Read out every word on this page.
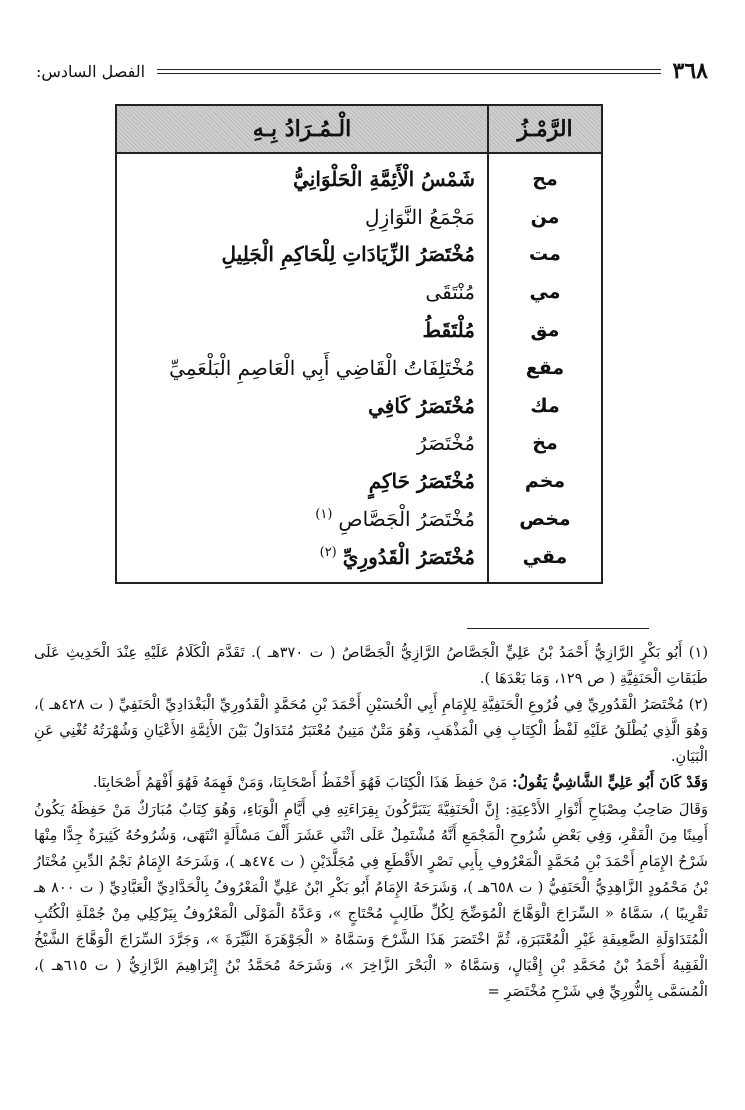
٣٦٨
الفصل السادس:
الرَّمْـزُ	الْـمُـرَادُ بِـهِ
مح	شَمْسُ الْأَئِمَّةِ الْحَلْوَانِيُّ
من	مَجْمَعُ النَّوَازِلِ
مت	مُخْتَصَرُ الزِّيَادَاتِ لِلْحَاكِمِ الْجَلِيلِ
مي	مُنْتَقَى
مق	مُلْتَقَطُ
مقع	مُخْتَلِفَاتُ الْقَاضِي أَبِي الْعَاصِمِ الْبَلْعَمِيِّ
مك	مُخْتَصَرُ كَافِي
مخ	مُخْتَصَرُ
مخم	مُخْتَصَرُ حَاكِمٍ
مخص	مُخْتَصَرُ الْجَصَّاصِ$^{(١)}$
مقي	مُخْتَصَرُ الْقَدُورِيِّ$^{(٢)}$

(١) أَبُو بَكْرٍ الرَّازِيُّ أَحْمَدُ بْنُ عَلِيٍّ الْجَصَّاصُ الرَّازِيُّ الْجَصَّاصُ ( ت ٣٧٠هـ ). تَقَدَّمَ الْكَلَامُ عَلَيْهِ عِنْدَ الْحَدِيثِ عَلَى طَبَقَاتِ الْحَنَفِيَّةِ ( ص ١٢٩، وَمَا بَعْدَهَا ).

(٢) مُخْتَصَرُ الْقَدُورِيِّ فِي فُرُوعِ الْحَنَفِيَّةِ لِلإِمَامِ أَبِي الْحُسَيْنِ أَحْمَدَ بْنِ مُحَمَّدٍ الْقَدُورِيِّ الْبَغْدَادِيِّ الْحَنَفِيِّ ( ت ٤٢٨هـ )، وَهُوَ الَّذِي يُطْلَقُ عَلَيْهِ لَفْظُ الْكِتَابِ فِي الْمَذْهَبِ، وَهُوَ مَتْنٌ مَتِينٌ مُعْتَبَرٌ مُتَدَاوَلٌ بَيْنَ الأَئِمَّةِ الأَعْيَانِ وَشُهْرَتُهُ تُغْنِي عَنِ الْبَيَانِ.

وَقَدْ كَانَ أَبُو عَلِيٍّ الشَّاشِيُّ يَقُولُ: مَنْ حَفِظَ هَذَا الْكِتَابَ فَهُوَ أَحْفَظُ أَصْحَابِنَا، وَمَنْ فَهِمَهُ فَهُوَ أَفْهَمُ أَصْحَابِنَا.

وَقَالَ صَاحِبُ مِصْبَاحِ أَنْوَارِ الأَدْعِيَةِ: إِنَّ الْحَنَفِيَّةَ يَتَبَرَّكُونَ بِقِرَاءَتِهِ فِي أَيَّامِ الْوَبَاءِ، وَهُوَ كِتَابٌ مُبَارَكٌ مَنْ حَفِظَهُ يَكُونُ أَمِينًا مِنَ الْفَقْرِ، وَفِي بَعْضِ شُرُوحِ الْمَجْمَعِ أَنَّهُ مُشْتَمِلٌ عَلَى اثْنَي عَشَرَ أَلْفَ مَسْأَلَةٍ انْتَهَى، وَشُرُوحُهُ كَثِيرَةٌ جِدًّا مِنْهَا شَرْحُ الإِمَامِ أَحْمَدَ بْنِ مُحَمَّدٍ الْمَعْرُوفِ بِأَبِي نَصْرٍ الأَقْطَعِ فِي مُجَلَّدَيْنِ ( ت ٤٧٤هـ )، وَشَرَحَهُ الإِمَامُ نَجْمُ الدِّينِ مُخْتَارُ بْنُ مَحْمُودٍ الزَّاهِدِيُّ الْحَنَفِيُّ ( ت ٦٥٨هـ )، وَشَرَحَهُ الإِمَامُ أَبُو بَكْرِ ابْنُ عَلِيٍّ الْمَعْرُوفُ بِالْحَدَّادِيِّ الْعَبَّادِيِّ ( ت ٨٠٠ هـ تَقْرِيبًا )، سَمَّاهُ « السِّرَاجَ الْوَهَّاجَ الْمُوَضِّحَ لِكُلِّ طَالِبٍ مُحْتَاجٍ »، وَعَدَّهُ الْمَوْلَى الْمَعْرُوفُ بِيَرْكِلِي مِنْ جُمْلَةِ الْكُتُبِ الْمُتَدَاوَلَةِ الضَّعِيفَةِ غَيْرِ الْمُعْتَبَرَةِ، ثُمَّ اخْتَصَرَ هَذَا الشَّرْحَ وَسَمَّاهُ « الْجَوْهَرَةَ النَّيِّرَةَ »، وَجَرَّدَ السِّرَاجَ الْوَهَّاجَ الشَّيْخُ الْفَقِيهُ أَحْمَدُ بْنُ مُحَمَّدِ بْنِ إِقْبَالٍ، وَسَمَّاهُ « الْبَحْرَ الزَّاخِرَ »، وَشَرَحَهُ مُحَمَّدُ بْنُ إِبْرَاهِيمَ الرَّازِيُّ ( ت ٦١٥هـ )، الْمُسَمَّى بِالنُّورِيِّ فِي شَرْحِ مُخْتَصَرِ =
